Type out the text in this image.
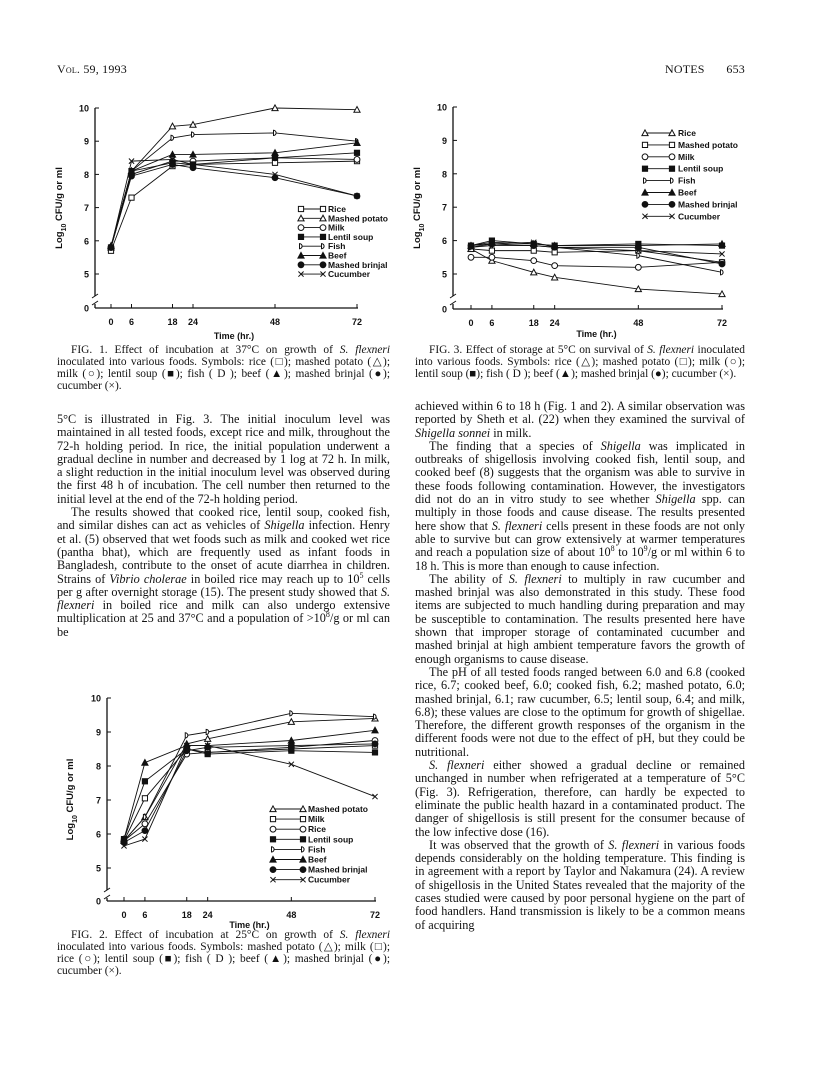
Vol. 59, 1993	NOTES 653
0
5
6
7
8
9
10
0 6	18 24	48	72
Time (hr.)
Log$_{10}$ CFU/g or ml	Rice
Mashed potato
Milk
Lentil soup
Fish
Beef
Mashed brinjal
Cucumber
FIG. 1. Effect of incubation at 37°C on growth of S. flexneri inoculated into various foods. Symbols: rice (□); mashed potato (△); milk (○); lentil soup (■); fish ( D ); beef (▲); mashed brinjal (●); cucumber (×).
0
5
6
7
8
9
10
0 6	18 24	48	72
Time (hr.)
Log$_{10}$ CFU/g or ml
Rice
Mashed potato
Milk
Lentil soup
Fish
Beef
Mashed brinjal
Cucumber
FIG. 3. Effect of storage at 5°C on survival of S. flexneri inoculated into various foods. Symbols: rice (△); mashed potato (□); milk (○); lentil soup (■); fish ( D ); beef (▲); mashed brinjal (●); cucumber (×).

5°C is illustrated in Fig. 3. The initial inoculum level was maintained in all tested foods, except rice and milk, throughout the 72-h holding period. In rice, the initial population underwent a gradual decline in number and decreased by 1 log at 72 h. In milk, a slight reduction in the initial inoculum level was observed during the first 48 h of incubation. The cell number then returned to the initial level at the end of the 72-h holding period.

The results showed that cooked rice, lentil soup, cooked fish, and similar dishes can act as vehicles of Shigella infection. Henry et al. (5) observed that wet foods such as milk and cooked wet rice (pantha bhat), which are frequently used as infant foods in Bangladesh, contribute to the onset of acute diarrhea in children. Strains of Vibrio cholerae in boiled rice may reach up to $10^5$ cells per g after overnight storage (15). The present study showed that S. flexneri in boiled rice and milk can also undergo extensive multiplication at 25 and 37°C and a population of $>10^8/g$ or ml can be

achieved within 6 to 18 h (Fig. 1 and 2). A similar observation was reported by Sheth et al. (22) when they examined the survival of Shigella sonnei in milk.

The finding that a species of Shigella was implicated in outbreaks of shigellosis involving cooked fish, lentil soup, and cooked beef (8) suggests that the organism was able to survive in these foods following contamination. However, the investigators did not do an in vitro study to see whether Shigella spp. can multiply in those foods and cause disease. The results presented here show that S. flexneri cells present in these foods are not only able to survive but can grow extensively at warmer temperatures and reach a population size of about $10^8$ to $10^9/g$ or ml within 6 to 18 h. This is more than enough to cause infection.

The ability of S. flexneri to multiply in raw cucumber and mashed brinjal was also demonstrated in this study. These food items are subjected to much handling during preparation and may be susceptible to contamination. The results presented here have shown that improper storage of contaminated cucumber and mashed brinjal at high ambient temperature favors the growth of enough organisms to cause disease.

The pH of all tested foods ranged between 6.0 and 6.8 (cooked rice, 6.7; cooked beef, 6.0; cooked fish, 6.2; mashed potato, 6.0; mashed brinjal, 6.1; raw cucumber, 6.5; lentil soup, 6.4; and milk, 6.8); these values are close to the optimum for growth of shigellae. Therefore, the different growth responses of the organism in the different foods were not due to the effect of pH, but they could be nutritional.

S. flexneri either showed a gradual decline or remained unchanged in number when refrigerated at a temperature of 5°C (Fig. 3). Refrigeration, therefore, can hardly be expected to eliminate the public health hazard in a contaminated product. The danger of shigellosis is still present for the consumer because of the low infective dose (16).

It was observed that the growth of S. flexneri in various foods depends considerably on the holding temperature. This finding is in agreement with a report by Taylor and Nakamura (24). A review of shigellosis in the United States revealed that the majority of the cases studied were caused by poor personal hygiene on the part of food handlers. Hand transmission is likely to be a common means of acquiring

0
5
6
7
8
9
10
0 6	18 24	48	72
Time (hr.)
Log$_{10}$ CFU/g or ml	Mashed potato
Milk
Rice
Lentil soup
Fish
Beef
Mashed brinjal
Cucumber
FIG. 2. Effect of incubation at 25°C on growth of S. flexneri inoculated into various foods. Symbols: mashed potato (△); milk (□); rice (○); lentil soup (■); fish ( D ); beef (▲); mashed brinjal (●); cucumber (×).
